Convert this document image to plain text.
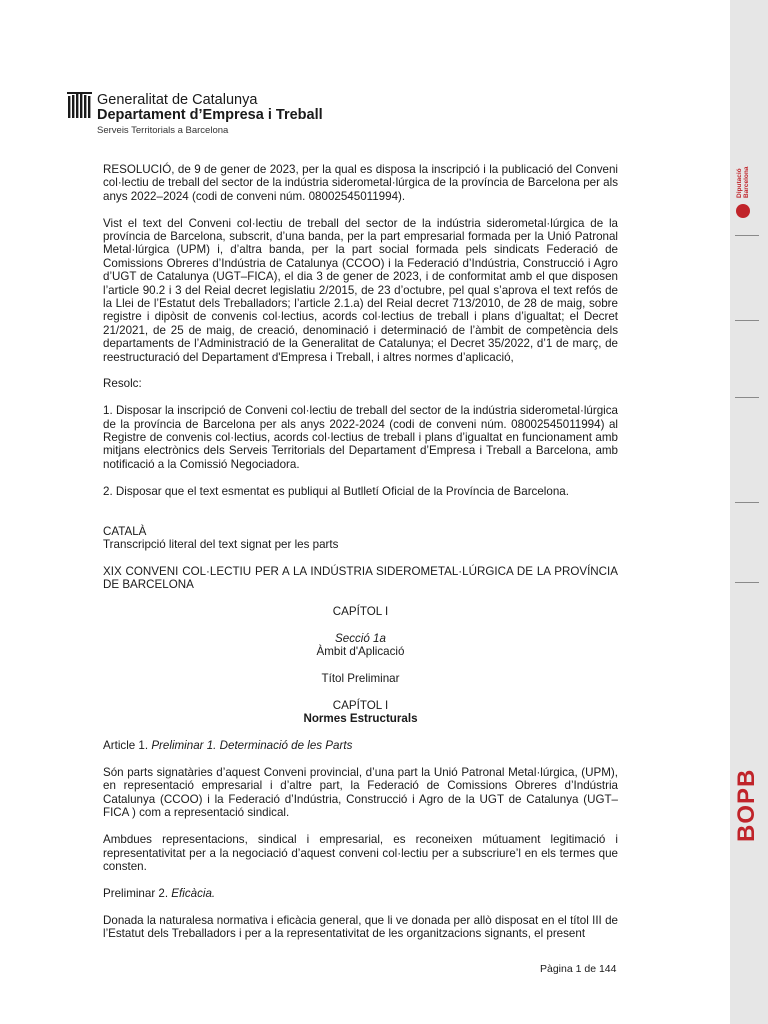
Generalitat de Catalunya
Departament d’Empresa i Treball
Serveis Territorials a Barcelona

RESOLUCIÓ, de 9 de gener de 2023, per la qual es disposa la inscripció i la publicació del Conveni col·lectiu de treball del sector de la indústria siderometal·lúrgica de la província de Barcelona per als anys 2022–2024 (codi de conveni núm. 08002545011994).

Vist el text del Conveni col·lectiu de treball del sector de la indústria siderometal·lúrgica de la província de Barcelona, subscrit, d’una banda, per la part empresarial formada per la Unió Patronal Metal·lúrgica (UPM) i, d’altra banda, per la part social formada pels sindicats Federació de Comissions Obreres d’Indústria de Catalunya (CCOO) i la Federació d’Indústria, Construcció i Agro d’UGT de Catalunya (UGT–FICA), el dia 3 de gener de 2023, i de conformitat amb el que disposen l’article 90.2 i 3 del Reial decret legislatiu 2/2015, de 23 d’octubre, pel qual s’aprova el text refós de la Llei de l’Estatut dels Treballadors; l’article 2.1.a) del Reial decret 713/2010, de 28 de maig, sobre registre i dipòsit de convenis col·lectius, acords col·lectius de treball i plans d’igualtat; el Decret 21/2021, de 25 de maig, de creació, denominació i determinació de l’àmbit de competència dels departaments de l’Administració de la Generalitat de Catalunya; el Decret 35/2022, d’1 de març, de reestructuració del Departament d'Empresa i Treball, i altres normes d’aplicació,

Resolc:

1. Disposar la inscripció de Conveni col·lectiu de treball del sector de la indústria siderometal·lúrgica de la província de Barcelona per als anys 2022-2024 (codi de conveni núm. 08002545011994) al Registre de convenis col·lectius, acords col·lectius de treball i plans d’igualtat en funcionament amb mitjans electrònics dels Serveis Territorials del Departament d’Empresa i Treball a Barcelona, amb notificació a la Comissió Negociadora.

2. Disposar que el text esmentat es publiqui al Butlletí Oficial de la Província de Barcelona.

CATALÀ

Transcripció literal del text signat per les parts

XIX CONVENI COL·LECTIU PER A LA INDÚSTRIA SIDEROMETAL·LÚRGICA DE LA PROVÍNCIA DE BARCELONA

CAPÍTOL I

Secció 1a

Àmbit d'Aplicació

Títol Preliminar

CAPÍTOL I

Normes Estructurals

Article 1. Preliminar 1. Determinació de les Parts

Són parts signatàries d’aquest Conveni provincial, d’una part la Unió Patronal Metal·lúrgica, (UPM), en representació empresarial i d’altre part, la Federació de Comissions Obreres d’Indústria Catalunya (CCOO) i la Federació d’Indústria, Construcció i Agro de la UGT de Catalunya (UGT–FICA ) com a representació sindical.

Ambdues representacions, sindical i empresarial, es reconeixen mútuament legitimació i representativitat per a la negociació d’aquest conveni col·lectiu per a subscriure’l en els termes que consten.

Preliminar 2. Eficàcia.

Donada la naturalesa normativa i eficàcia general, que li ve donada per allò disposat en el títol III de l’Estatut dels Treballadors i per a la representativitat de les organitzacions signants, el present

Pàgina 1 de 144
Diputació Barcelona
BOPB
